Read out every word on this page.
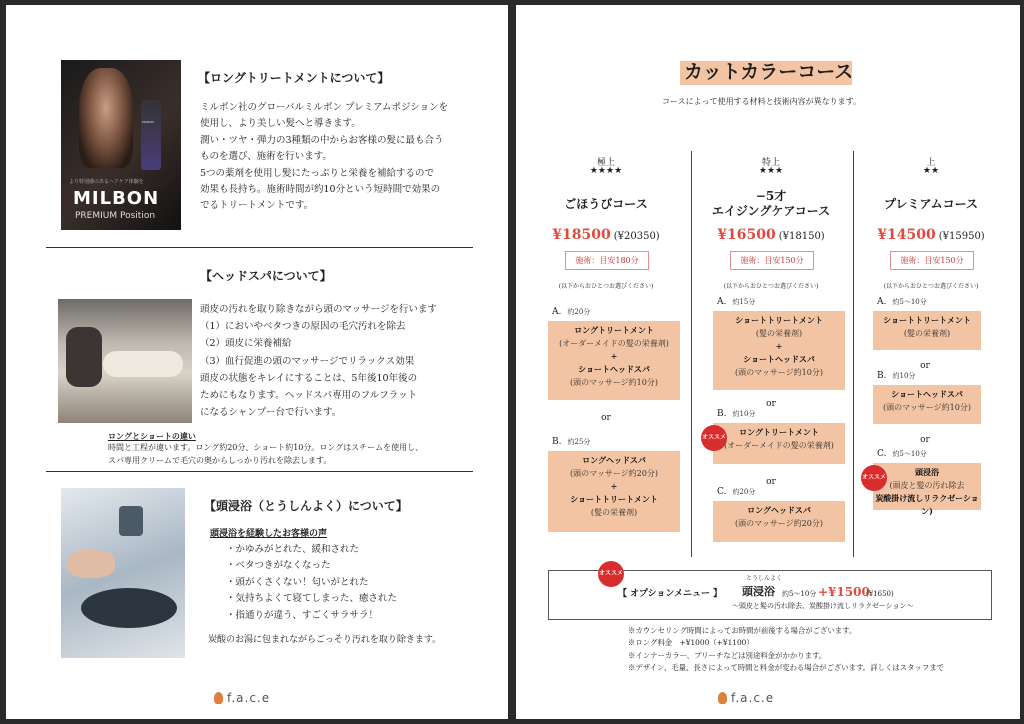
MILBON
より特別感のあるヘアケア体験を
MILBON
PREMIUM Position
【ロングトリートメントについて】
ミルボン社のグローバルミルボン プレミアムポジションを
使用し、より美しい髪へと導きます。
潤い・ツヤ・弾力の3種類の中からお客様の髪に最も合う
ものを選び、施術を行います。
5つの薬剤を使用し髪にたっぷりと栄養を補給するので
効果も長持ち。施術時間が約10分という短時間で効果の
でるトリートメントです。
【ヘッドスパについて】
頭皮の汚れを取り除きながら頭のマッサージを行います
（1）においやベタつきの原因の毛穴汚れを除去
（2）頭皮に栄養補給
（3）血行促進の頭のマッサージでリラックス効果
頭皮の状態をキレイにすることは、5年後10年後の
ためにもなります。ヘッドスパ専用のフルフラット
になるシャンプー台で行います。
ロングとショートの違い
時間と工程が違います。ロング約20分、ショート約10分。ロングはスチームを使用し、
スパ専用クリームで毛穴の奥からしっかり汚れを除去します。
【頭浸浴（とうしんよく）について】
頭浸浴を経験したお客様の声
・かゆみがとれた、緩和された
・ベタつきがなくなった
・頭がくさくない！匂いがとれた
・気持ちよくて寝てしまった、癒された
・指通りが違う、すごくサラサラ！
炭酸のお湯に包まれながらごっそり汚れを取り除きます。
f.a.c.e
カットカラーコース
コースによって使用する材料と技術内容が異なります。
極上
★★★★
ごほうびコース
¥18500 (¥20350)
施術：目安180分
(以下からおひとつお選びください)
A. 約20分
ロングトリートメント
(オーダーメイドの髪の栄養剤)
+
ショートヘッドスパ
(頭のマッサージ約10分)
B. 約25分
ロングヘッドスパ
(頭のマッサージ約20分)
+
ショートトリートメント
(髪の栄養剤)
or
特上
★★★
−5才
エイジングケアコース
¥16500 (¥18150)
施術：目安150分
(以下からおひとつお選びください)
A. 約15分
ショートトリートメント
(髪の栄養剤)
+
ショートヘッドスパ
(頭のマッサージ約10分)
B. 約10分
ロングトリートメント
(オーダーメイドの髪の栄養剤)
オススメ
C. 約20分
ロングヘッドスパ
(頭のマッサージ約20分)
or
or
上
★★
プレミアムコース
¥14500 (¥15950)
施術：目安150分
(以下からおひとつお選びください)
A. 約5〜10分
ショートトリートメント
(髪の栄養剤)
B. 約10分
ショートヘッドスパ
(頭のマッサージ約10分)
C. 約5〜10分
頭浸浴
(頭皮と髪の汚れ除去
炭酸掛け流しリラクゼーション)
オススメ
or
or
オススメ
【 オプションメニュー 】
とうしんよく
頭浸浴 約5〜10分 +¥1500
(¥1650)
〜頭皮と髪の汚れ除去、炭酸掛け流しリラクゼーション〜
※カウンセリング時間によってお時間が前後する場合がございます。
※ロング料金　+¥1000（+¥1100）
※インナーカラー、ブリーチなどは別途料金がかかります。
※デザイン、毛量、長さによって時間と料金が変わる場合がございます。詳しくはスタッフまで
f.a.c.e
